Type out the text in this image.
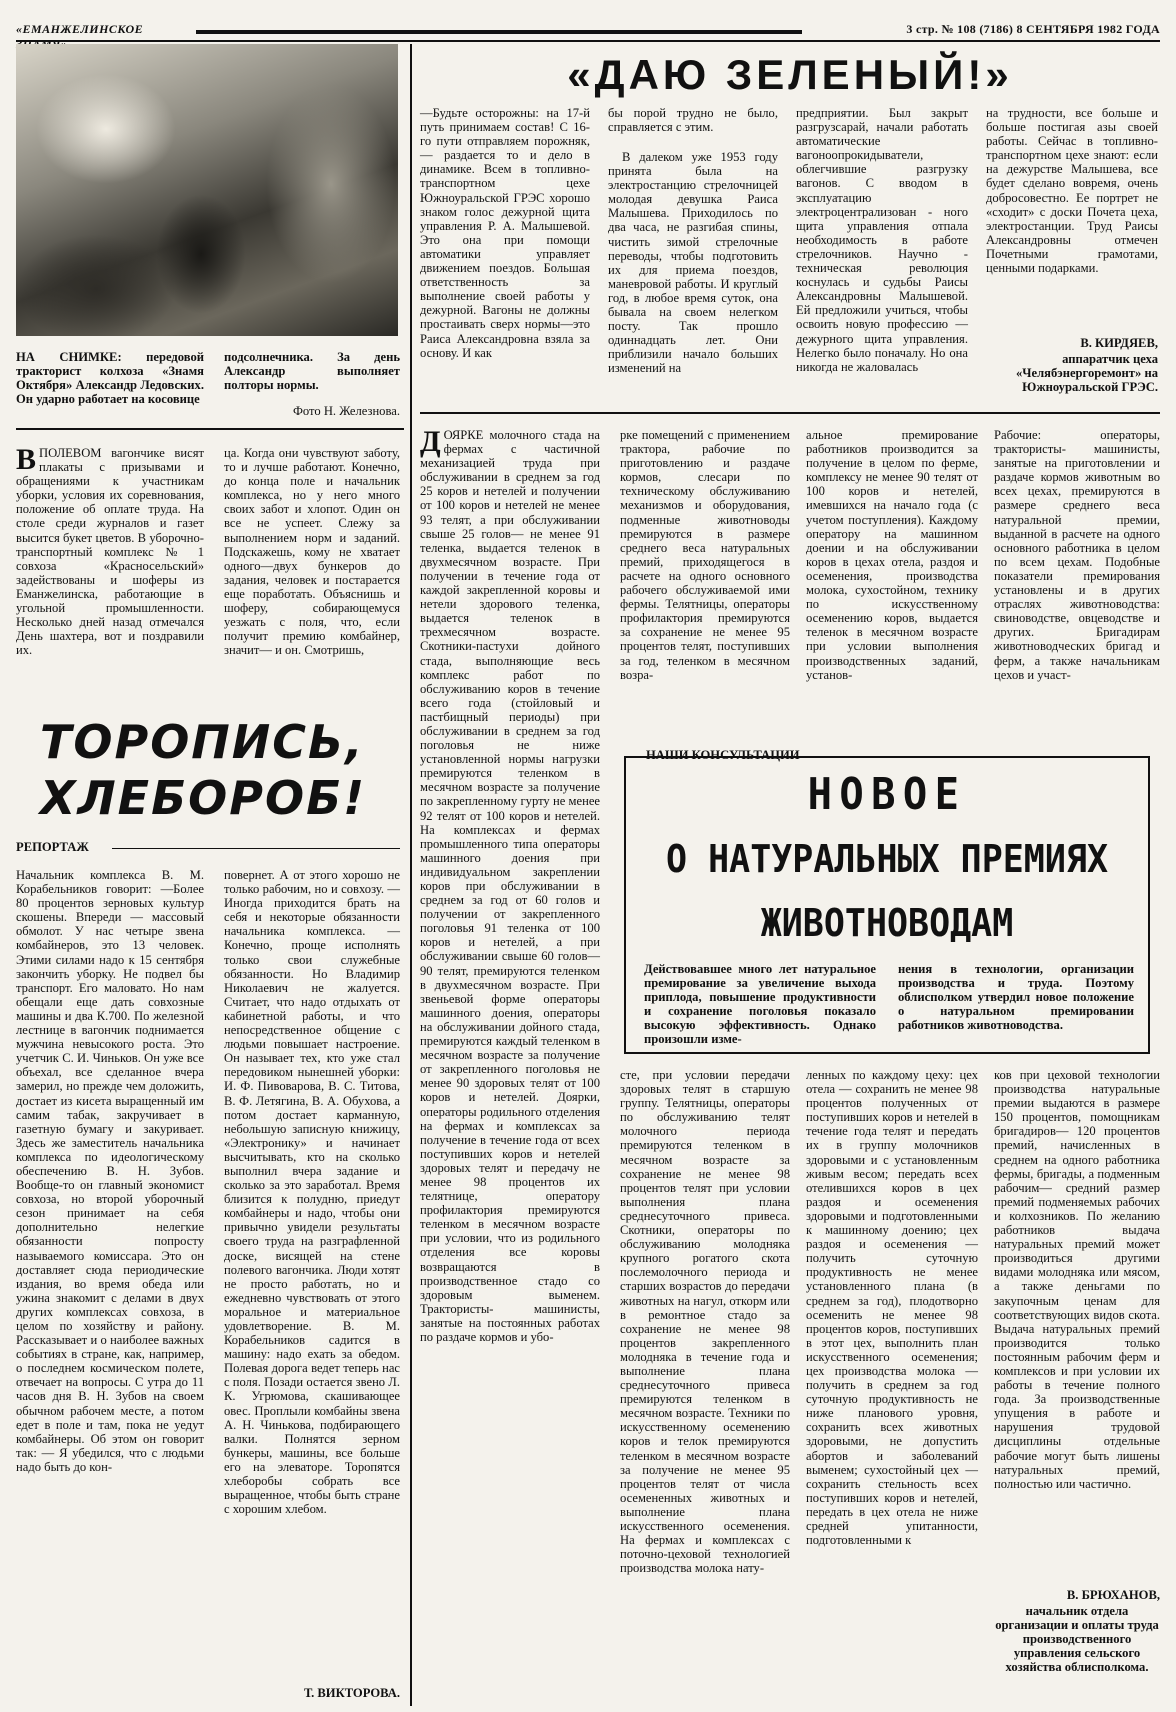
«ЕМАНЖЕЛИНСКОЕ	3 стр. № 108 (7186) 8 СЕНТЯБРЯ 1982 ГОДА
НА СНИМКЕ: передовой тракторист колхоза «Знамя Октября» Александр Ледовских. Он ударно работает на косовице
подсолнечника. За день Александр выполняет полторы нормы.
Фото Н. Железнова.
«ДАЮ ЗЕЛЕНЫЙ!»
—Будьте осторожны: на 17-й путь принимаем состав! С 16-го пути отправляем порожняк,— раздается то и дело в динамике. Всем в топливно- транспортном цехе Южноуральской ГРЭС хорошо знаком голос дежурной щита управления Р. А. Малышевой. Это она при помощи автоматики управляет движением поездов. Большая ответственность за выполнение своей работы у дежурной. Вагоны не должны простаивать сверх нормы—это Раиса Александровна взяла за основу. И как
бы порой трудно не было, справляется с этим.

В далеком уже 1953 году принята была на электростанцию стрелочницей молодая девушка Раиса Малышева. Приходилось по два часа, не разгибая спины, чистить зимой стрелочные переводы, чтобы подготовить их для приема поездов, маневровой работы. И круглый год, в любое время суток, она бывала на своем нелегком посту. Так прошло одиннадцать лет. Они приблизили начало больших изменений на

предприятии. Был закрыт разгрузсарай, начали работать автоматические вагоноопрокидыватели, облегчившие разгрузку вагонов. С вводом в эксплуатацию электроцентрализован - ного щита управления отпала необходимость в работе стрелочников. Научно - техническая революция коснулась и судьбы Раисы Александровны Малышевой. Ей предложили учиться, чтобы освоить новую профессию —дежурного щита управления. Нелегко было поначалу. Но она никогда не жаловалась
на трудности, все больше и больше постигая азы своей работы. Сейчас в топливно-транспортном цехе знают: если на дежурстве Малышева, все будет сделано вовремя, очень добросовестно. Ее портрет не «сходит» с доски Почета цеха, электростанции. Труд Раисы Александровны отмечен Почетными грамотами, ценными подарками.
В. КИРДЯЕВ,
аппаратчик цеха «Челябэнергоремонт» на Южноуральской ГРЭС.
В ПОЛЕВОМ вагончике висят плакаты с призывами и обращениями к участникам уборки, условия их соревнования, положение об оплате труда. На столе среди журналов и газет высится букет цветов. В уборочно- транспортный комплекс № 1 совхоза «Красносельский» задействованы и шоферы из Еманжелинска, работающие в угольной промышленности. Несколько дней назад отмечался День шахтера, вот и поздравили их.
ца. Когда они чувствуют заботу, то и лучше работают. Конечно, до конца поле и начальник комплекса, но у него много своих забот и хлопот. Один он все не успеет. Слежу за выполнением норм и заданий. Подскажешь, кому не хватает одного—двух бункеров до задания, человек и постарается еще поработать. Объяснишь и шоферу, собирающемуся уезжать с поля, что, если получит премию комбайнер, значит— и он. Смотришь,
ТОРОПИСЬ,
ХЛЕБОРОБ!
РЕПОРТАЖ
Начальник комплекса В. М. Корабельников говорит: —Более 80 процентов зерновых культур скошены. Впереди — массовый обмолот. У нас четыре звена комбайнеров, это 13 человек. Этими силами надо к 15 сентября закончить уборку. Не подвел бы транспорт. Его маловато. Но нам обещали еще дать совхозные машины и два К.700. По железной лестнице в вагончик поднимается мужчина невысокого роста. Это учетчик С. И. Чиньков. Он уже все объехал, все сделанное вчера замерил, но прежде чем доложить, достает из кисета выращенный им самим табак, закручивает в газетную бумагу и закуривает. Здесь же заместитель начальника комплекса по идеологическому обеспечению В. Н. Зубов. Вообще-то он главный экономист совхоза, но второй уборочный сезон принимает на себя дополнительно нелегкие обязанности попросту называемого комиссара. Это он доставляет сюда периодические издания, во время обеда или ужина знакомит с делами в двух других комплексах совхоза, в целом по хозяйству и району. Рассказывает и о наиболее важных событиях в стране, как, например, о последнем космическом полете, отвечает на вопросы. С утра до 11 часов дня В. Н. Зубов на своем обычном рабочем месте, а потом едет в поле и там, пока не уедут комбайнеры. Об этом он говорит так: — Я убедился, что с людьми надо быть до кон-
повернет. А от этого хорошо не только рабочим, но и совхозу. —Иногда приходится брать на себя и некоторые обязанности начальника комплекса. —Конечно, проще исполнять только свои служебные обязанности. Но Владимир Николаевич не жалуется. Считает, что надо отдыхать от кабинетной работы, и что непосредственное общение с людьми повышает настроение. Он называет тех, кто уже стал передовиком нынешней уборки: И. Ф. Пивоварова, В. С. Титова, В. Ф. Летягина, В. А. Обухова, а потом достает карманную, небольшую записную книжицу, «Электронику» и начинает высчитывать, кто на сколько выполнил вчера задание и сколько за это заработал. Время близится к полудню, приедут комбайнеры и надо, чтобы они привычно увидели результаты своего труда на разграфленной доске, висящей на стене полевого вагончика. Люди хотят не просто работать, но и ежедневно чувствовать от этого моральное и материальное удовлетворение. В. М. Корабельников садится в машину: надо ехать за обедом. Полевая дорога ведет теперь нас с поля. Позади остается звено Л. К. Угрюмова, скашивающее овес. Проплыли комбайны звена А. Н. Чинькова, подбирающего валки. Полнятся зерном бункеры, машины, все больше его на элеваторе. Торопятся хлеборобы собрать все выращенное, чтобы быть стране с хорошим хлебом.
Т. ВИКТОРОВА.
ДОЯРКЕ молочного стада на фермах с частичной механизацией труда при обслуживании в среднем за год 25 коров и нетелей и получении от 100 коров и нетелей не менее 93 телят, а при обслуживании свыше 25 голов— не менее 91 теленка, выдается теленок в двухмесячном возрасте. При получении в течение года от каждой закрепленной коровы и нетели здорового теленка, выдается теленок в трехмесячном возрасте. Скотники-пастухи дойного стада, выполняющие весь комплекс работ по обслуживанию коров в течение всего года (стойловый и пастбищный периоды) при обслуживании в среднем за год поголовья не ниже установленной нормы нагрузки премируются теленком в месячном возрасте за получение по закрепленному гурту не менее 92 телят от 100 коров и нетелей. На комплексах и фермах промышленного типа операторы машинного доения при индивидуальном закреплении коров при обслуживании в среднем за год от 60 голов и получении от закрепленного поголовья 91 теленка от 100 коров и нетелей, а при обслуживании свыше 60 голов— 90 телят, премируются теленком в двухмесячном возрасте. При звеньевой форме операторы машинного доения, операторы на обслуживании дойного стада, премируются каждый теленком в месячном возрасте за получение от закрепленного поголовья не менее 90 здоровых телят от 100 коров и нетелей. Доярки, операторы родильного отделения на фермах и комплексах за получение в течение года от всех поступивших коров и нетелей здоровых телят и передачу не менее 98 процентов их телятнице, оператору профилактория премируются теленком в месячном возрасте при условии, что из родильного отделения все коровы возвращаются в производственное стадо со здоровым выменем. Трактористы- машинисты, занятые на постоянных работах по раздаче кормов и убо-
рке помещений с применением трактора, рабочие по приготовлению и раздаче кормов, слесари по техническому обслуживанию механизмов и оборудования, подменные животноводы премируются в размере среднего веса натуральных премий, приходящегося в расчете на одного основного рабочего обслуживаемой ими фермы. Телятницы, операторы профилактория премируются за сохранение не менее 95 процентов телят, поступивших за год, теленком в месячном возра-
альное премирование работников производится за получение в целом по ферме, комплексу не менее 90 телят от 100 коров и нетелей, имевшихся на начало года (с учетом поступления). Каждому оператору на машинном доении и на обслуживании коров в цехах отела, раздоя и осеменения, производства молока, сухостойном, технику по искусственному осеменению коров, выдается теленок в месячном возрасте при условии выполнения производственных заданий, установ-
Рабочие: операторы, трактористы- машинисты, занятые на приготовлении и раздаче кормов животным во всех цехах, премируются в размере среднего веса натуральной премии, выданной в расчете на одного основного работника в целом по всем цехам. Подобные показатели премирования установлены и в других отраслях животноводства: свиноводстве, овцеводстве и других. Бригадирам животноводческих бригад и ферм, а также начальникам цехов и участ-
НАШИ КОНСУЛЬТАЦИИ
НОВОЕ
О НАТУРАЛЬНЫХ ПРЕМИЯХ
ЖИВОТНОВОДАМ
Действовавшее много лет натуральное премирование за увеличение выхода приплода, повышение продуктивности и сохранение поголовья показало высокую эффективность. Однако произошли изме-
нения в технологии, организации производства и труда. Поэтому облисполком утвердил новое положение о натуральном премировании работников животноводства.
сте, при условии передачи здоровых телят в старшую группу. Телятницы, операторы по обслуживанию телят молочного периода премируются теленком в месячном возрасте за сохранение не менее 98 процентов телят при условии выполнения плана среднесуточного привеса. Скотники, операторы по обслуживанию молодняка крупного рогатого скота послемолочного периода и старших возрастов до передачи животных на нагул, откорм или в ремонтное стадо за сохранение не менее 98 процентов закрепленного молодняка в течение года и выполнение плана среднесуточного привеса премируются теленком в месячном возрасте. Техники по искусственному осеменению коров и телок премируются теленком в месячном возрасте за получение не менее 95 процентов телят от числа осемененных животных и выполнение плана искусственного осеменения. На фермах и комплексах с поточно-цеховой технологией производства молока нату-
ленных по каждому цеху: цех отела — сохранить не менее 98 процентов полученных от поступивших коров и нетелей в течение года телят и передать их в группу молочников здоровыми и с установленным живым весом; передать всех отелившихся коров в цех раздоя и осеменения здоровыми и подготовленными к машинному доению; цех раздоя и осеменения — получить суточную продуктивность не менее установленного плана (в среднем за год), плодотворно осеменить не менее 98 процентов коров, поступивших в этот цех, выполнить план искусственного осеменения; цех производства молока — получить в среднем за год суточную продуктивность не ниже планового уровня, сохранить всех животных здоровыми, не допустить абортов и заболеваний выменем; сухостойный цех — сохранить стельность всех поступивших коров и нетелей, передать в цех отела не ниже средней упитанности, подготовленными к
ков при цеховой технологии производства натуральные премии выдаются в размере 150 процентов, помощникам бригадиров— 120 процентов премий, начисленных в среднем на одного работника фермы, бригады, а подменным рабочим— средний размер премий подменяемых рабочих и колхозников. По желанию работников выдача натуральных премий может производиться другими видами молодняка или мясом, а также деньгами по закупочным ценам для соответствующих видов скота. Выдача натуральных премий производится только постоянным рабочим ферм и комплексов и при условии их работы в течение полного года. За производственные упущения в работе и нарушения трудовой дисциплины отдельные рабочие могут быть лишены натуральных премий, полностью или частично.
В. БРЮХАНОВ,
начальник отдела организации и оплаты труда производственного управления сельского хозяйства облисполкома.
